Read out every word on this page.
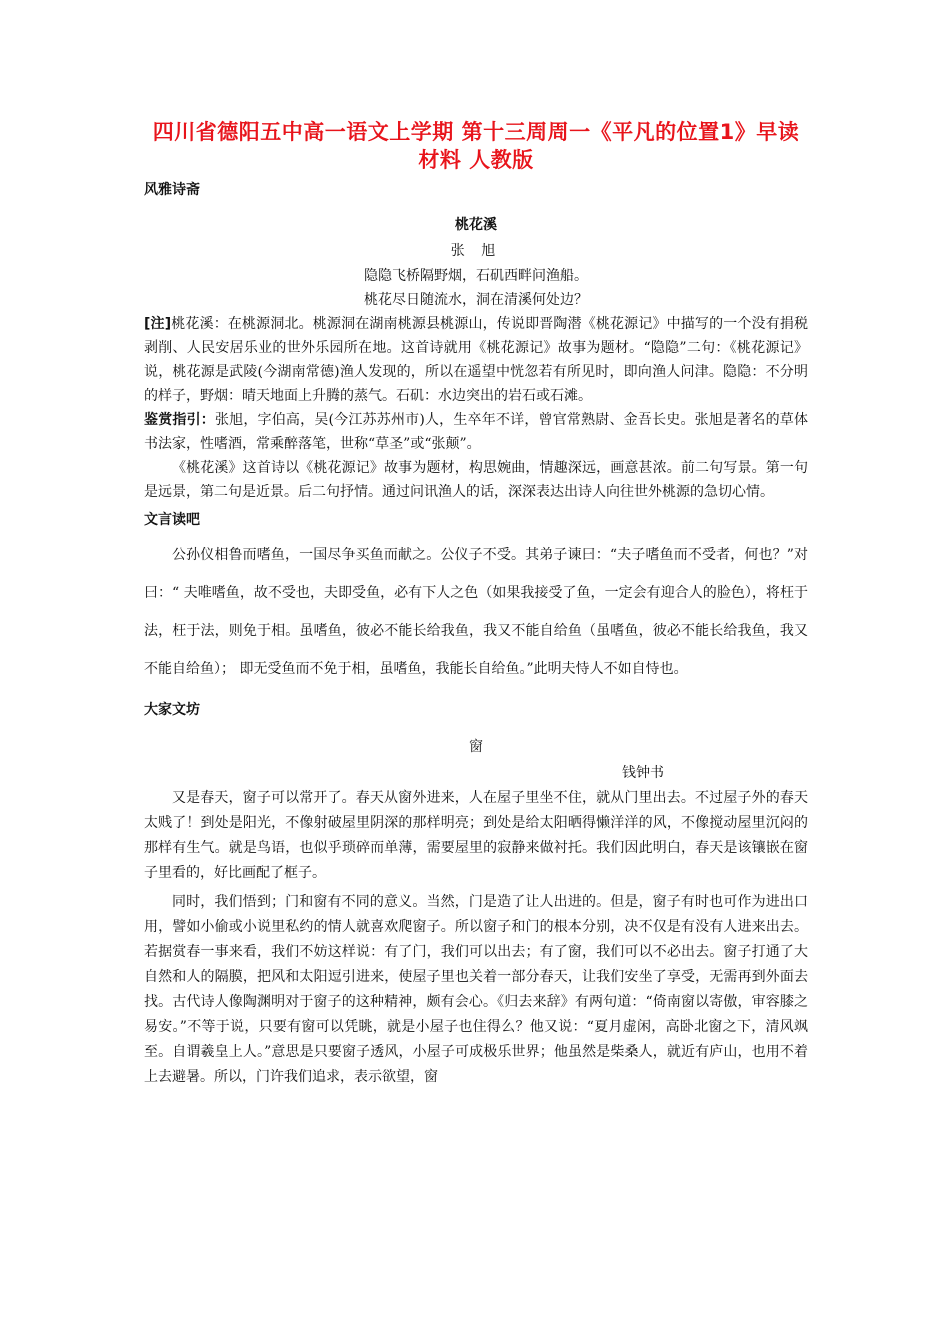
四川省德阳五中高一语文上学期 第十三周周一《平凡的位置1》早读材料 人教版
风雅诗斋
桃花溪
张 旭
隐隐飞桥隔野烟，石矶西畔问渔船。
桃花尽日随流水，洞在清溪何处边？

[注]桃花溪：在桃源洞北。桃源洞在湖南桃源县桃源山，传说即晋陶潜《桃花源记》中描写的一个没有捐税剥削、人民安居乐业的世外乐园所在地。这首诗就用《桃花源记》故事为题材。“隐隐”二句：《桃花源记》说，桃花源是武陵(今湖南常德)渔人发现的，所以在遥望中恍忽若有所见时，即向渔人问津。隐隐：不分明的样子，野烟：晴天地面上升腾的蒸气。石矶：水边突出的岩石或石滩。

鉴赏指引：张旭，字伯高，吴(今江苏苏州市)人，生卒年不详，曾官常熟尉、金吾长史。张旭是著名的草体书法家，性嗜酒，常乘醉落笔，世称“草圣”或“张颠”。

《桃花溪》这首诗以《桃花源记》故事为题材，构思婉曲，情趣深远，画意甚浓。前二句写景。第一句是远景，第二句是近景。后二句抒情。通过问讯渔人的话，深深表达出诗人向往世外桃源的急切心情。

文言读吧

公孙仪相鲁而嗜鱼，一国尽争买鱼而献之。公仪子不受。其弟子谏曰：“夫子嗜鱼而不受者，何也？”对曰：“ 夫唯嗜鱼，故不受也，夫即受鱼，必有下人之色（如果我接受了鱼，一定会有迎合人的脸色），将枉于法，枉于法，则免于相。虽嗜鱼，彼必不能长给我鱼，我又不能自给鱼（虽嗜鱼，彼必不能长给我鱼，我又不能自给鱼）； 即无受鱼而不免于相，虽嗜鱼，我能长自给鱼。”此明夫恃人不如自恃也。

大家文坊
窗
钱钟书

又是春天，窗子可以常开了。春天从窗外进来，人在屋子里坐不住，就从门里出去。不过屋子外的春天太贱了！到处是阳光，不像射破屋里阴深的那样明亮；到处是给太阳晒得懒洋洋的风，不像搅动屋里沉闷的那样有生气。就是鸟语，也似乎琐碎而单薄，需要屋里的寂静来做衬托。我们因此明白，春天是该镶嵌在窗子里看的，好比画配了框子。

同时，我们悟到；门和窗有不同的意义。当然，门是造了让人出进的。但是，窗子有时也可作为进出口用，譬如小偷或小说里私约的情人就喜欢爬窗子。所以窗子和门的根本分别，决不仅是有没有人进来出去。若据赏春一事来看，我们不妨这样说：有了门，我们可以出去；有了窗，我们可以不必出去。窗子打通了大自然和人的隔膜，把风和太阳逗引进来，使屋子里也关着一部分春天，让我们安坐了享受，无需再到外面去找。古代诗人像陶渊明对于窗子的这种精神，颇有会心。《归去来辞》有两句道：“倚南窗以寄傲，审容膝之易安。”不等于说，只要有窗可以凭眺，就是小屋子也住得么？他又说：“夏月虚闲，高卧北窗之下，清风飒至。自谓羲皇上人。”意思是只要窗子透风，小屋子可成极乐世界；他虽然是柴桑人，就近有庐山，也用不着上去避暑。所以，门许我们追求，表示欲望，窗
